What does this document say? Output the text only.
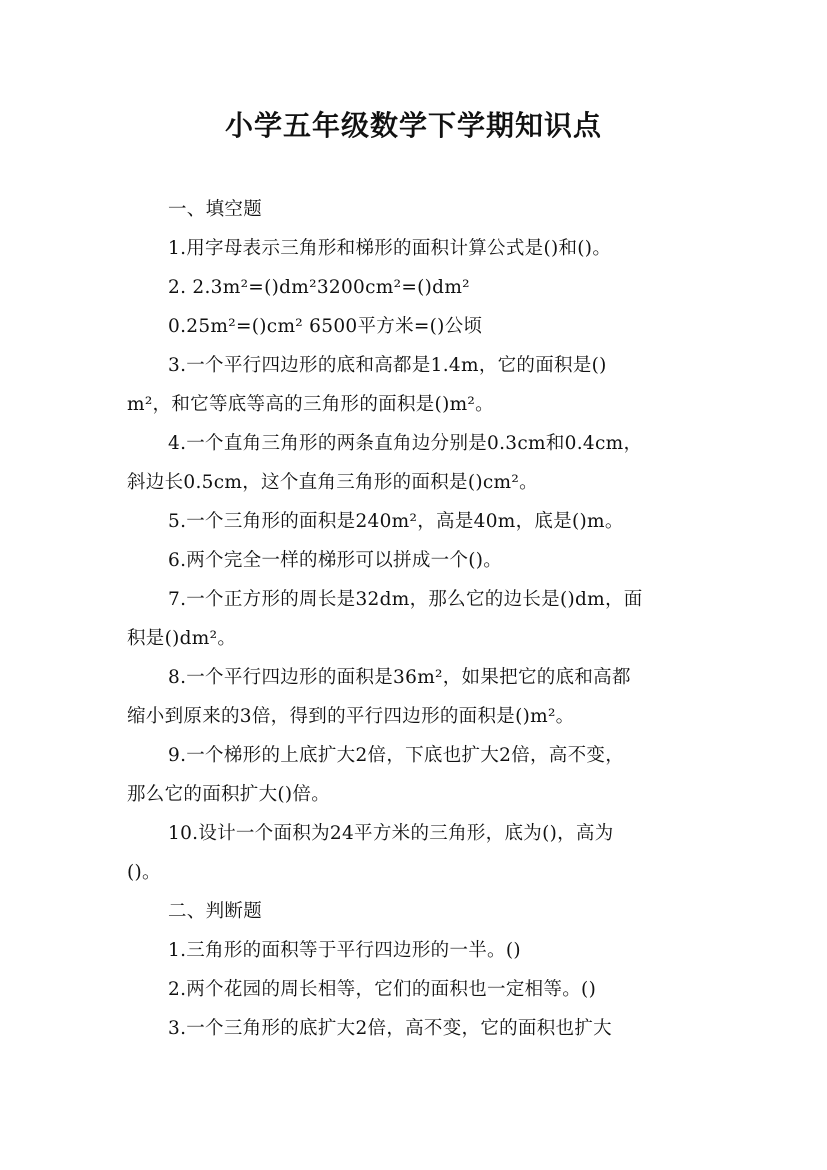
小学五年级数学下学期知识点
一、填空题
1.用字母表示三角形和梯形的面积计算公式是()和()。
2. 2.3m²=()dm²3200cm²=()dm²
0.25m²=()cm² 6500平方米=()公顷
3.一个平行四边形的底和高都是1.4m，它的面积是()
m²，和它等底等高的三角形的面积是()m²。
4.一个直角三角形的两条直角边分别是0.3cm和0.4cm，
斜边长0.5cm，这个直角三角形的面积是()cm²。
5.一个三角形的面积是240m²，高是40m，底是()m。
6.两个完全一样的梯形可以拼成一个()。
7.一个正方形的周长是32dm，那么它的边长是()dm，面
积是()dm²。
8.一个平行四边形的面积是36m²，如果把它的底和高都
缩小到原来的3倍，得到的平行四边形的面积是()m²。
9.一个梯形的上底扩大2倍，下底也扩大2倍，高不变，
那么它的面积扩大()倍。
10.设计一个面积为24平方米的三角形，底为()，高为
()。
二、判断题
1.三角形的面积等于平行四边形的一半。()
2.两个花园的周长相等，它们的面积也一定相等。()
3.一个三角形的底扩大2倍，高不变，它的面积也扩大
